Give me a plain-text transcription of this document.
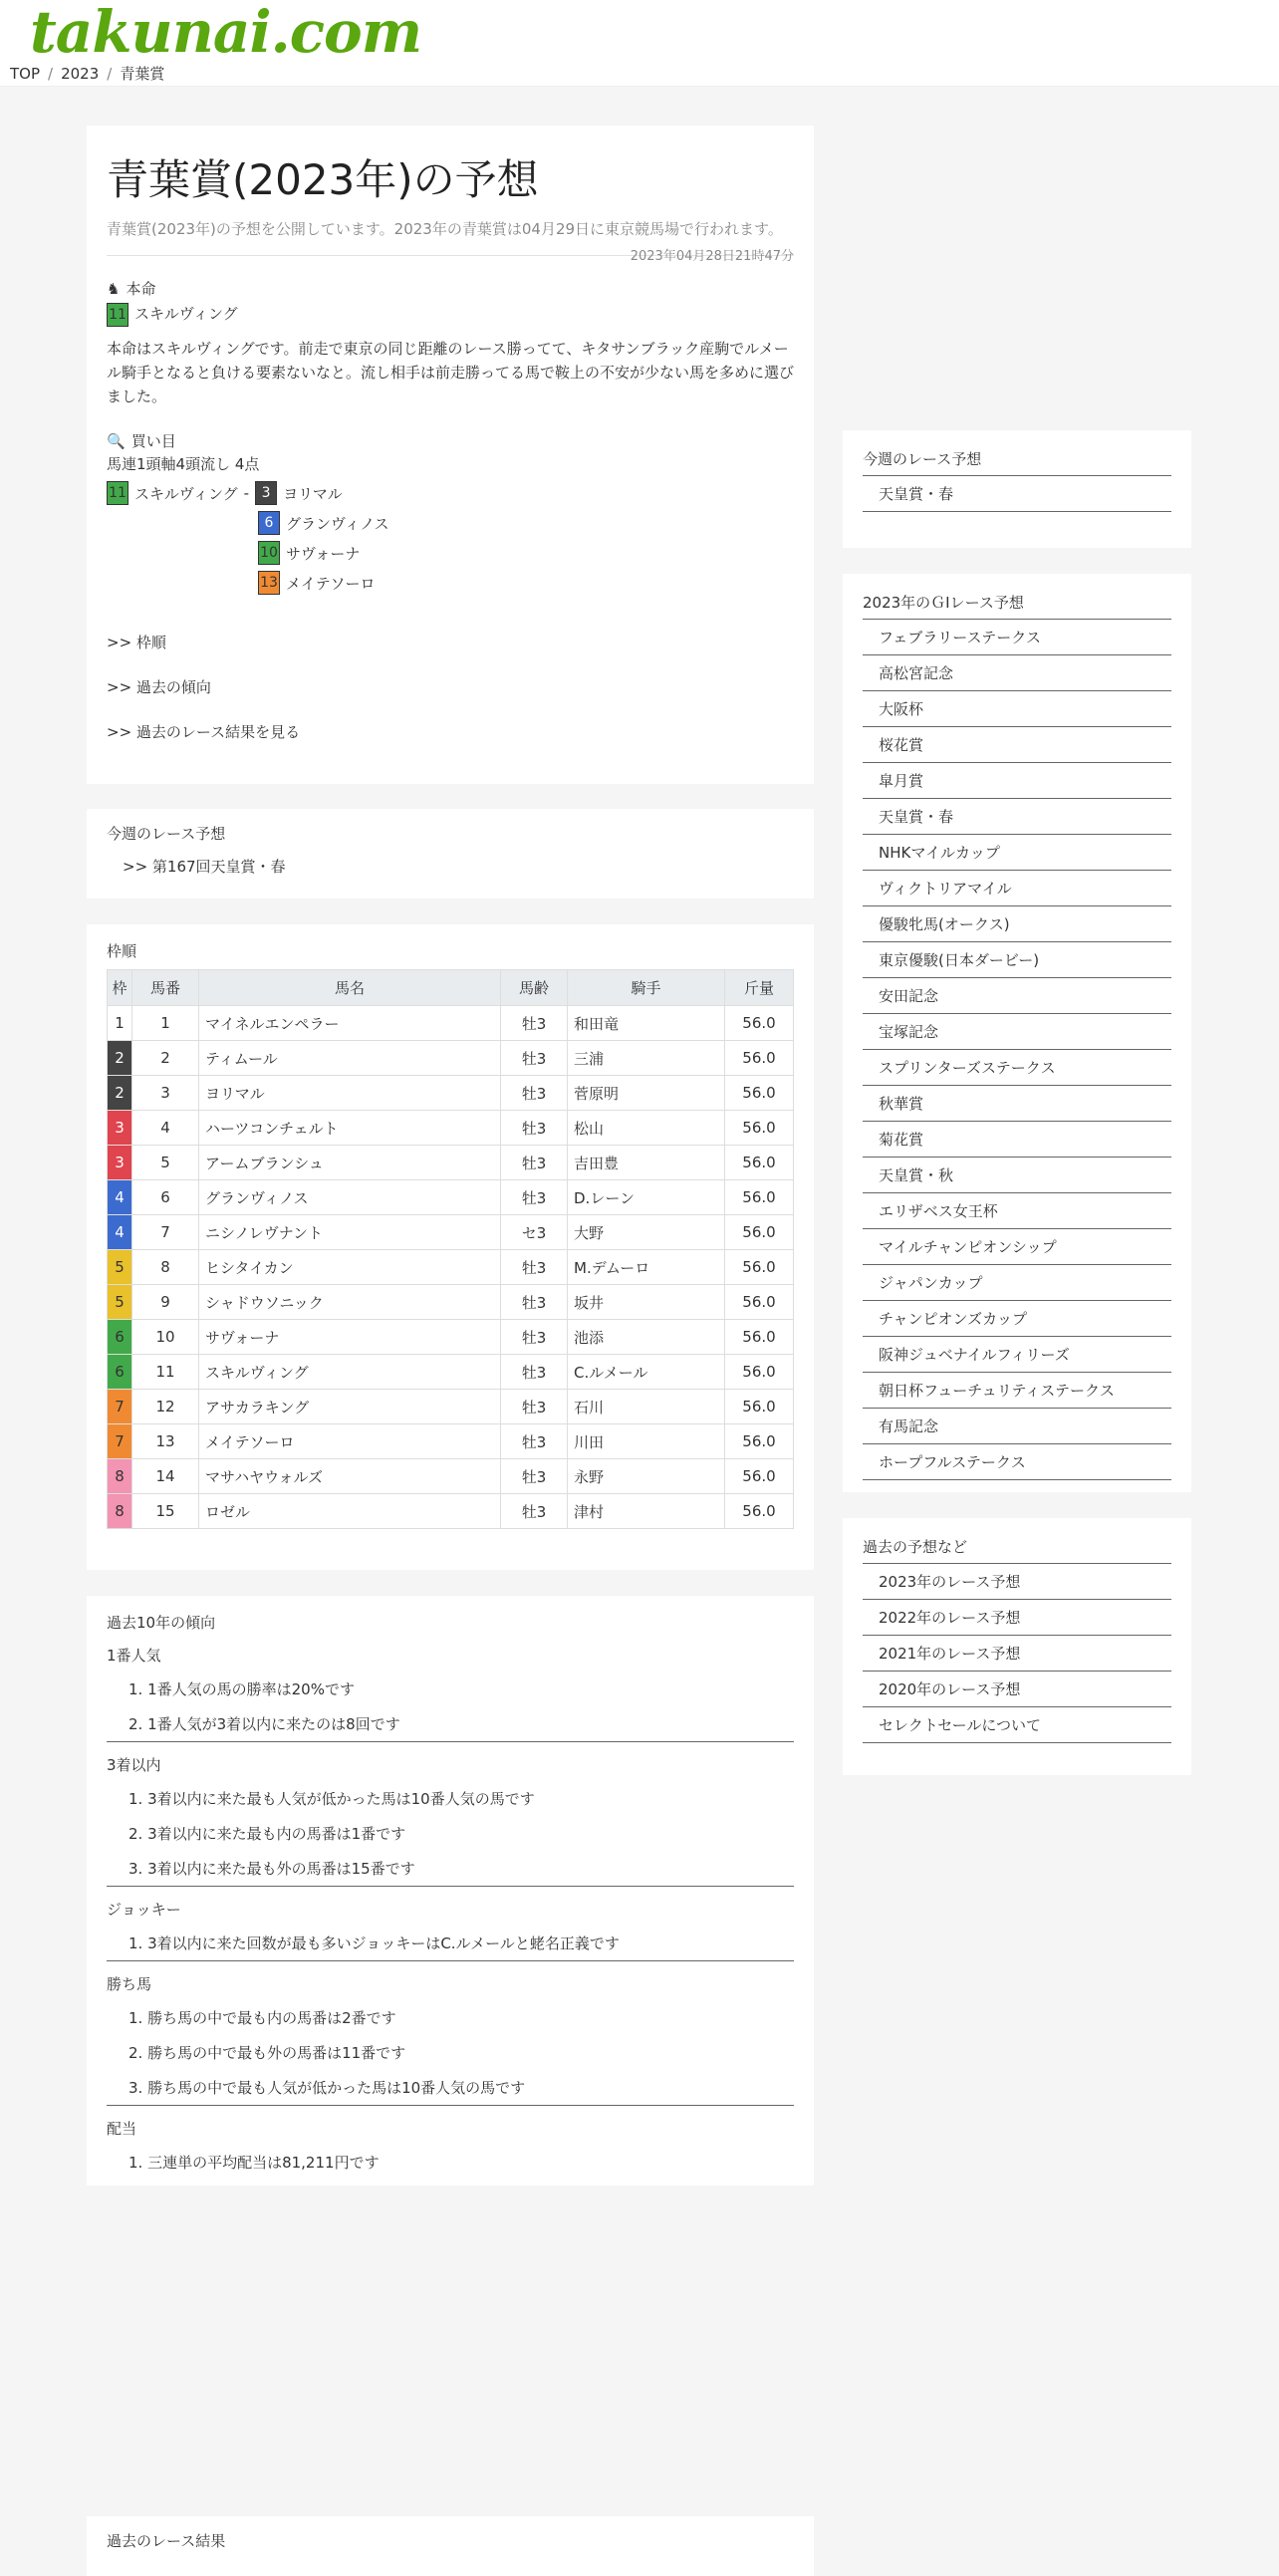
takunai.com
TOP / 2023 / 青葉賞
青葉賞(2023年)の予想
青葉賞(2023年)の予想を公開しています。2023年の青葉賞は04月29日に東京競馬場で行われます。
2023年04月28日21時47分
♞ 本命
11 スキルヴィング
本命はスキルヴィングです。前走で東京の同じ距離のレース勝ってて、キタサンブラック産駒でルメール騎手となると負ける要素ないなと。流し相手は前走勝ってる馬で鞍上の不安が少ない馬を多めに選びました。
🔍 買い目
馬連1頭軸4頭流し 4点
11 スキルヴィング - 3 ヨリマル
6 グランヴィノス
10 サヴォーナ
13 メイテソーロ
>> 枠順
>> 過去の傾向
>> 過去のレース結果を見る
今週のレース予想
>> 第167回天皇賞・春
枠順
枠	馬番	馬名	馬齢	騎手	斤量
1	1	マイネルエンペラー	牡3	和田竜	56.0
2	2	ティムール	牡3	三浦	56.0
2	3	ヨリマル	牡3	菅原明	56.0
3	4	ハーツコンチェルト	牡3	松山	56.0
3	5	アームブランシュ	牡3	吉田豊	56.0
4	6	グランヴィノス	牡3	D.レーン	56.0
4	7	ニシノレヴナント	セ3	大野	56.0
5	8	ヒシタイカン	牡3	M.デムーロ	56.0
5	9	シャドウソニック	牡3	坂井	56.0
6	10	サヴォーナ	牡3	池添	56.0
6	11	スキルヴィング	牡3	C.ルメール	56.0
7	12	アサカラキング	牡3	石川	56.0
7	13	メイテソーロ	牡3	川田	56.0
8	14	マサハヤウォルズ	牡3	永野	56.0
8	15	ロゼル	牡3	津村	56.0
過去10年の傾向
1番人気
1. 1番人気の馬の勝率は20%です
2. 1番人気が3着以内に来たのは8回です
3着以内
1. 3着以内に来た最も人気が低かった馬は10番人気の馬です
2. 3着以内に来た最も内の馬番は1番です
3. 3着以内に来た最も外の馬番は15番です
ジョッキー
1. 3着以内に来た回数が最も多いジョッキーはC.ルメールと蛯名正義です
勝ち馬
1. 勝ち馬の中で最も内の馬番は2番です
2. 勝ち馬の中で最も外の馬番は11番です
3. 勝ち馬の中で最も人気が低かった馬は10番人気の馬です
配当
1. 三連単の平均配当は81,211円です
過去のレース結果
今週のレース予想
天皇賞・春
2023年のＧⅠレース予想
フェブラリーステークス
高松宮記念
大阪杯
桜花賞
皐月賞
天皇賞・春
NHKマイルカップ
ヴィクトリアマイル
優駿牝馬(オークス)
東京優駿(日本ダービー)
安田記念
宝塚記念
スプリンターズステークス
秋華賞
菊花賞
天皇賞・秋
エリザベス女王杯
マイルチャンピオンシップ
ジャパンカップ
チャンピオンズカップ
阪神ジュベナイルフィリーズ
朝日杯フューチュリティステークス
有馬記念
ホープフルステークス
過去の予想など
2023年のレース予想
2022年のレース予想
2021年のレース予想
2020年のレース予想
セレクトセールについて
